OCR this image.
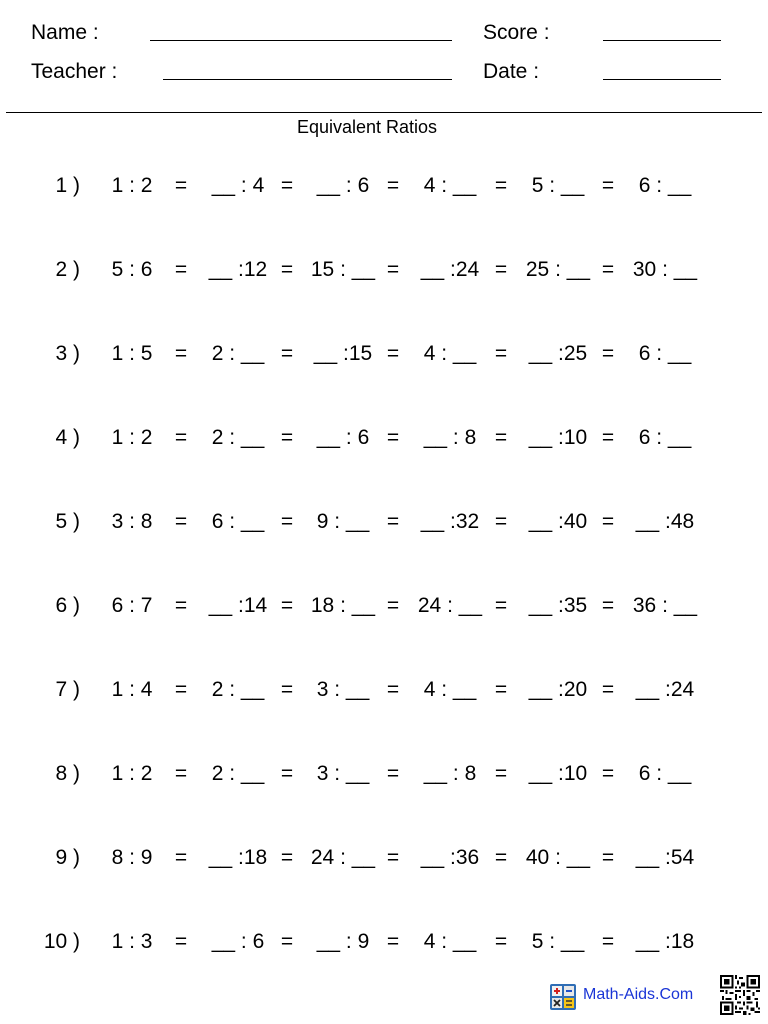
Name :	Score :
Teacher :	Date :
Equivalent Ratios
1 )	1 : 2	=	__ : 4 =	__ : 6 =	4 : __ =	5 : __ =	6 : __
2 )	5 : 6	=	__ :12 = 15 : __ =	__ :24 = 25 : __ = 30 : __
3 )	1 : 5	=	2 : __ = __ :15 =	4 : __ =	__ :25 =	6 : __
4 )	1 : 2	=	2 : __ =	__ : 6 =	__ : 8 =	__ :10 =	6 : __
5 )	3 : 8	=	6 : __ =	9 : __ =	__ :32 =	__ :40 =	__ :48
6 )	6 : 7	=	__ :14 = 18 : __ = 24 : __ =	__ :35 = 36 : __
7 )	1 : 4	=	2 : __ =	3 : __ =	4 : __ =	__ :20 =	__ :24
8 )	1 : 2	=	2 : __ =	3 : __ =	__ : 8 =	__ :10 =	6 : __
9 )	8 : 9	=	__ :18 = 24 : __ =	__ :36 = 40 : __ =	__ :54
10 )	1 : 3	=	__ : 6 =	__ : 9 =	4 : __ =	5 : __ =	__ :18
Math-Aids.Com
